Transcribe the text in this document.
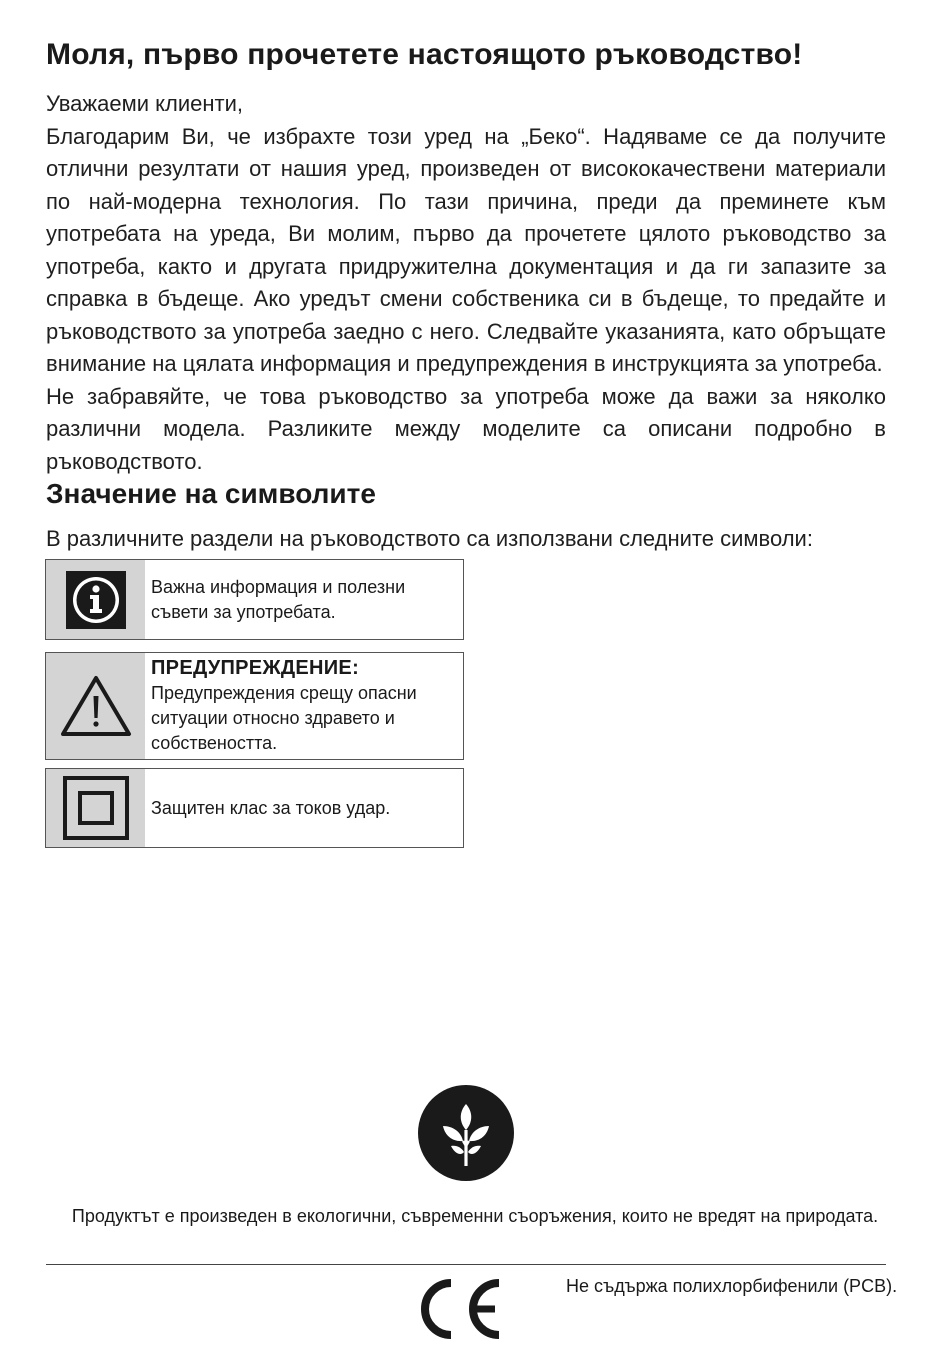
Моля, първо прочетете настоящото ръководство!

Уважаеми клиенти,

Благодарим Ви, че избрахте този уред на „Беко“. Надяваме се да получите отлични резултати от нашия уред, произведен от висококачествени материали по най-модерна технология. По тази причина, преди да преминете към употребата на уреда, Ви молим, първо да прочетете цялото ръководство за употреба, както и другата придружителна документация и да ги запазите за справка в бъдеще. Ако уредът смени собственика си в бъдеще, то предайте и ръководството за употреба заедно с него. Следвайте указанията, като обръщате внимание на цялата информация и предупреждения в инструкцията за употреба.

Не забравяйте, че това ръководство за употреба може да важи за няколко различни модела. Разликите между моделите са описани подробно в ръководството.

Значение на символите

В различните раздели на ръководството са използвани следните символи:

Важна информация и полезни съвети за употребата.
ПРЕДУПРЕЖДЕНИЕ:
Предупреждения срещу опасни ситуации относно здравето и собствеността.
Защитен клас за токов удар.

Продуктът е произведен в екологични, съвременни съоръжения, които не вредят на природата.

Не съдържа полихлорбифенили (PCB).
